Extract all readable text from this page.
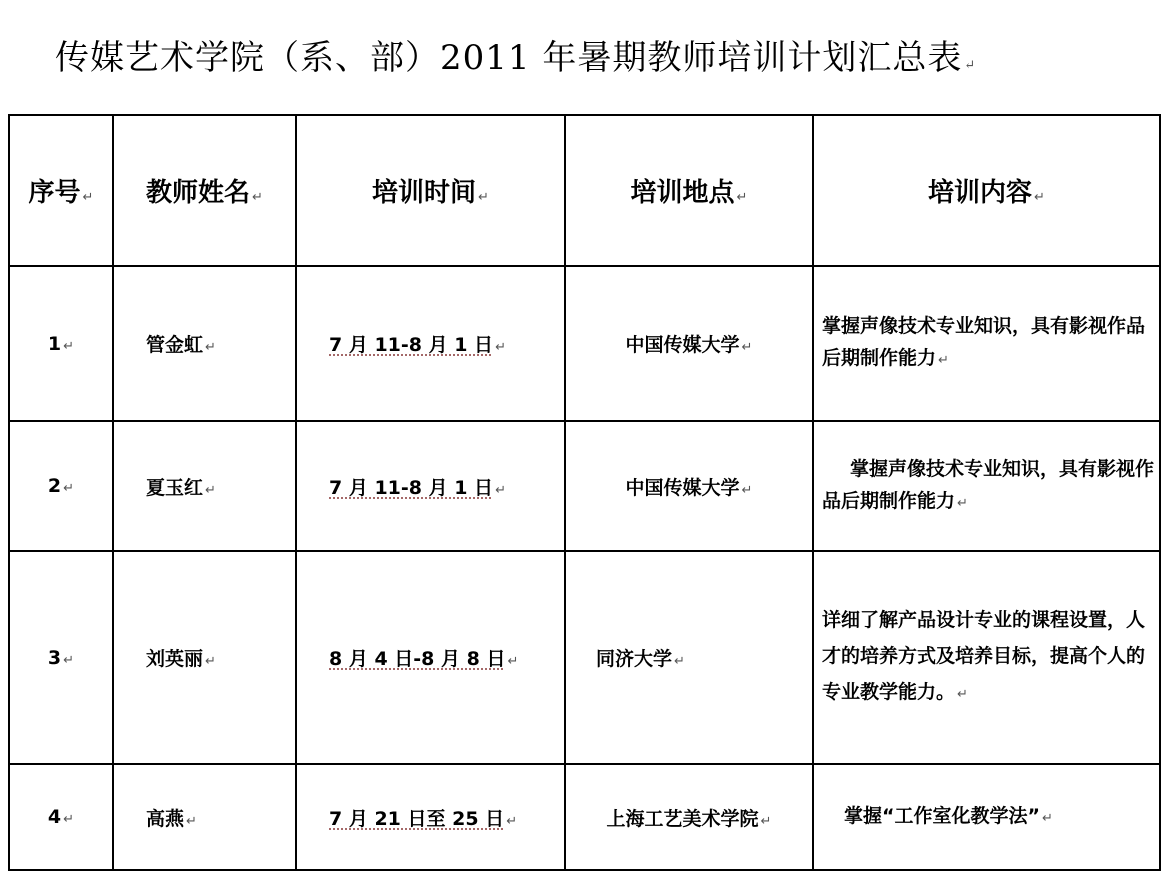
传媒艺术学院（系、部）2011 年暑期教师培训计划汇总表 ↵
序号 ↵	教师姓名 ↵	培训时间 ↵	培训地点 ↵	培训内容 ↵
1 ↵	管金虹 ↵	7 月 11-8 月 1 日 ↵	中国传媒大学 ↵	掌握声像技术专业知识，具有影视作品后期制作能力 ↵
2 ↵	夏玉红 ↵	7 月 11-8 月 1 日 ↵	中国传媒大学 ↵	掌握声像技术专业知识，具有影视作品后期制作能力 ↵
3 ↵	刘英丽 ↵	8 月 4 日-8 月 8 日 ↵	同济大学 ↵	详细了解产品设计专业的课程设置，人才的培养方式及培养目标，提高个人的专业教学能力。 ↵
4 ↵	高燕 ↵	7 月 21 日至 25 日 ↵	上海工艺美术学院 ↵	掌握“工作室化教学法” ↵
